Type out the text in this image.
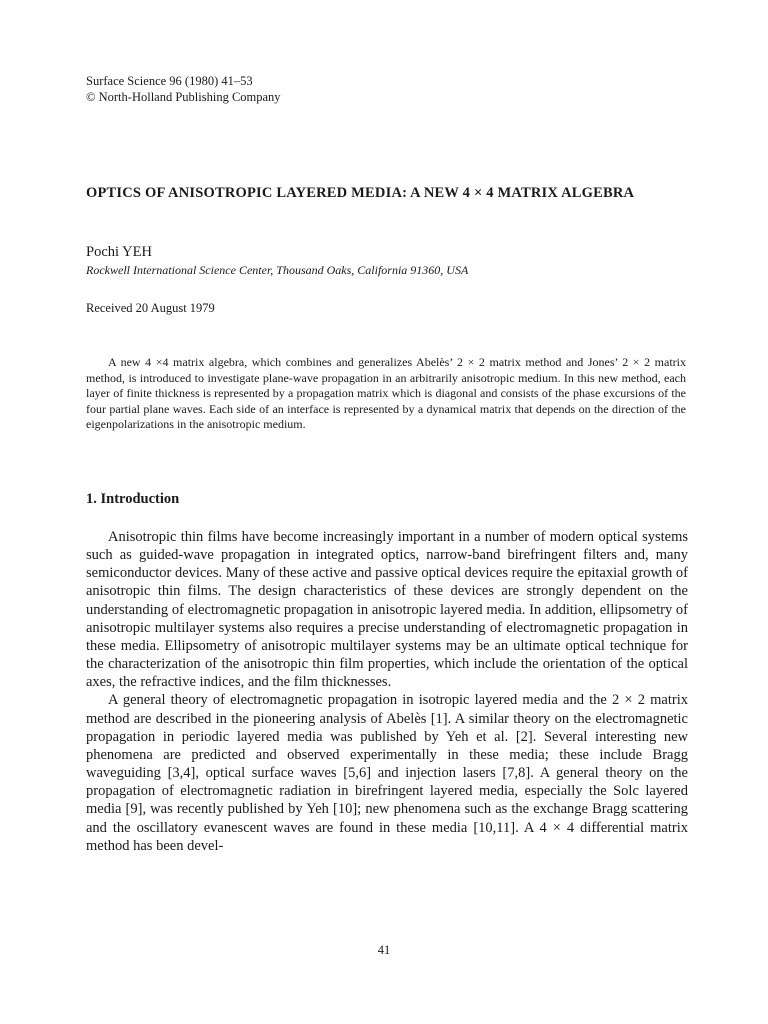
Surface Science 96 (1980) 41–53
© North-Holland Publishing Company
OPTICS OF ANISOTROPIC LAYERED MEDIA: A NEW 4 × 4 MATRIX ALGEBRA
Pochi YEH
Rockwell International Science Center, Thousand Oaks, California 91360, USA
Received 20 August 1979
A new 4 ×4 matrix algebra, which combines and generalizes Abelès’ 2 × 2 matrix method and Jones’ 2 × 2 matrix method, is introduced to investigate plane-wave propagation in an arbitrarily anisotropic medium. In this new method, each layer of finite thickness is represented by a propagation matrix which is diagonal and consists of the phase excursions of the four partial plane waves. Each side of an interface is represented by a dynamical matrix that depends on the direction of the eigenpolarizations in the anisotropic medium.
1. Introduction

Anisotropic thin films have become increasingly important in a number of modern optical systems such as guided-wave propagation in integrated optics, narrow-band birefringent filters and, many semiconductor devices. Many of these active and passive optical devices require the epitaxial growth of anisotropic thin films. The design characteristics of these devices are strongly dependent on the understanding of electromagnetic propagation in anisotropic layered media. In addition, ellipsometry of anisotropic multilayer systems also requires a precise understanding of electromagnetic propagation in these media. Ellipsometry of anisotropic multilayer systems may be an ultimate optical technique for the characterization of the anisotropic thin film properties, which include the orientation of the optical axes, the refractive indices, and the film thicknesses.

A general theory of electromagnetic propagation in isotropic layered media and the 2 × 2 matrix method are described in the pioneering analysis of Abelès [1]. A similar theory on the electromagnetic propagation in periodic layered media was published by Yeh et al. [2]. Several interesting new phenomena are predicted and observed experimentally in these media; these include Bragg waveguiding [3,4], optical surface waves [5,6] and injection lasers [7,8]. A general theory on the propagation of electromagnetic radiation in birefringent layered media, especially the Solc layered media [9], was recently published by Yeh [10]; new phenomena such as the exchange Bragg scattering and the oscillatory evanescent waves are found in these media [10,11]. A 4 × 4 differential matrix method has been devel-

41
